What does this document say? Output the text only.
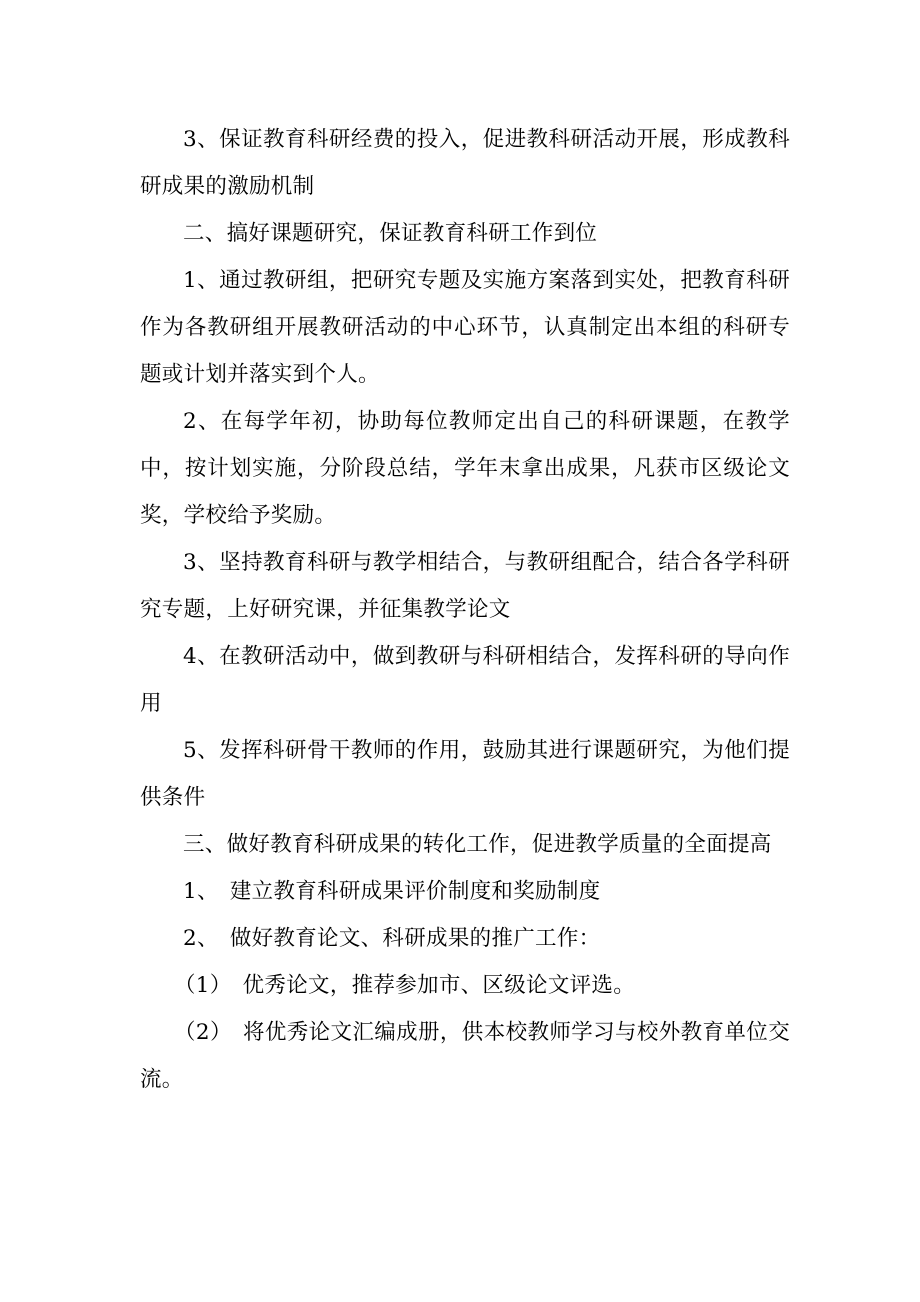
3、保证教育科研经费的投入，促进教科研活动开展，形成教科研成果的激励机制

二、搞好课题研究，保证教育科研工作到位

1、通过教研组，把研究专题及实施方案落到实处，把教育科研作为各教研组开展教研活动的中心环节，认真制定出本组的科研专题或计划并落实到个人。

2、在每学年初，协助每位教师定出自己的科研课题，在教学中，按计划实施，分阶段总结，学年末拿出成果，凡获市区级论文奖，学校给予奖励。

3、坚持教育科研与教学相结合，与教研组配合，结合各学科研究专题，上好研究课，并征集教学论文

4、在教研活动中，做到教研与科研相结合，发挥科研的导向作用

5、发挥科研骨干教师的作用，鼓励其进行课题研究，为他们提供条件

三、做好教育科研成果的转化工作，促进教学质量的全面提高

1、　建立教育科研成果评价制度和奖励制度

2、　做好教育论文、科研成果的推广工作：

（1）　优秀论文，推荐参加市、区级论文评选。

（2）　将优秀论文汇编成册，供本校教师学习与校外教育单位交流。
